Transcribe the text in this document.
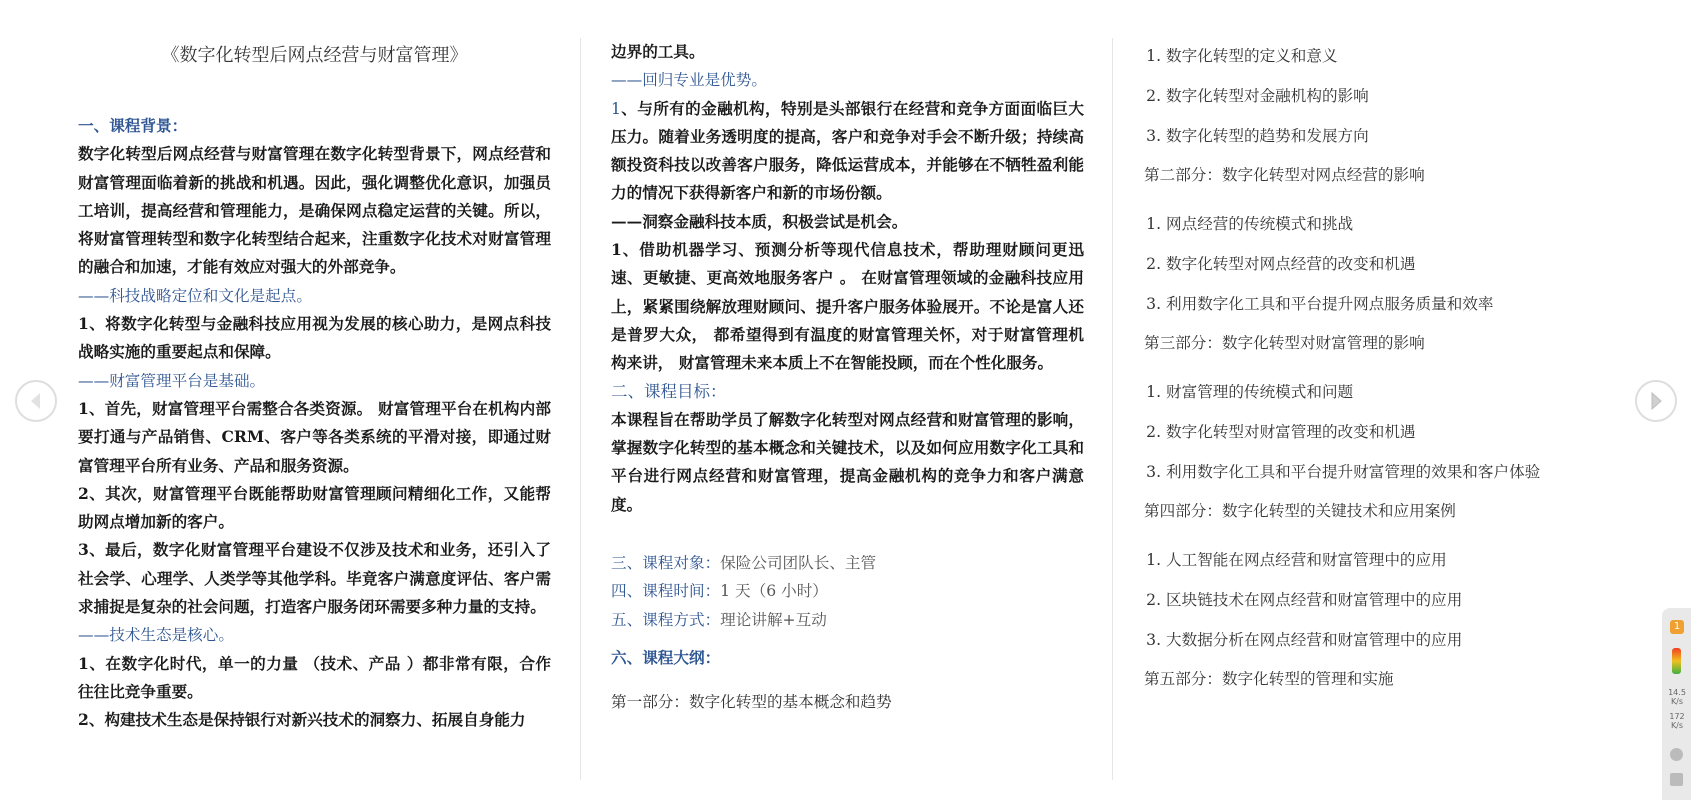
《数字化转型后网点经营与财富管理》

一、课程背景：

数字化转型后网点经营与财富管理在数字化转型背景下，网点经营和财富管理面临着新的挑战和机遇。因此，强化调整优化意识，加强员工培训，提高经营和管理能力，是确保网点稳定运营的关键。所以，将财富管理转型和数字化转型结合起来，注重数字化技术对财富管理的融合和加速，才能有效应对强大的外部竞争。

——科技战略定位和文化是起点。

1、将数字化转型与金融科技应用视为发展的核心助力，是网点科技战略实施的重要起点和保障。

——财富管理平台是基础。

1、首先，财富管理平台需整合各类资源。 财富管理平台在机构内部要打通与产品销售、CRM、客户等各类系统的平滑对接，即通过财富管理平台所有业务、产品和服务资源。

2、其次，财富管理平台既能帮助财富管理顾问精细化工作，又能帮助网点增加新的客户。

3、最后，数字化财富管理平台建设不仅涉及技术和业务，还引入了社会学、心理学、人类学等其他学科。毕竟客户满意度评估、客户需求捕捉是复杂的社会问题，打造客户服务闭环需要多种力量的支持。

——技术生态是核心。

1、在数字化时代，单一的力量 （技术、产品 ）都非常有限，合作往往比竞争重要。

2、构建技术生态是保持银行对新兴技术的洞察力、拓展自身能力

边界的工具。

——回归专业是优势。

1、与所有的金融机构，特别是头部银行在经营和竞争方面面临巨大压力。随着业务透明度的提高，客户和竞争对手会不断升级；持续高额投资科技以改善客户服务，降低运营成本，并能够在不牺牲盈利能力的情况下获得新客户和新的市场份额。

——洞察金融科技本质，积极尝试是机会。

1、借助机器学习、预测分析等现代信息技术，帮助理财顾问更迅速、更敏捷、更高效地服务客户 。 在财富管理领域的金融科技应用上，紧紧围绕解放理财顾问、提升客户服务体验展开。不论是富人还是普罗大众， 都希望得到有温度的财富管理关怀，对于财富管理机构来讲， 财富管理未来本质上不在智能投顾，而在个性化服务。

二、课程目标：

本课程旨在帮助学员了解数字化转型对网点经营和财富管理的影响，掌握数字化转型的基本概念和关键技术，以及如何应用数字化工具和平台进行网点经营和财富管理，提高金融机构的竞争力和客户满意度。

三、课程对象：保险公司团队长、主管

四、课程时间：1 天（6 小时）

五、课程方式：理论讲解+互动

六、课程大纲：

第一部分：数字化转型的基本概念和趋势

1. 数字化转型的定义和意义
2. 数字化转型对金融机构的影响
3. 数字化转型的趋势和发展方向
第二部分：数字化转型对网点经营的影响
1. 网点经营的传统模式和挑战
2. 数字化转型对网点经营的改变和机遇
3. 利用数字化工具和平台提升网点服务质量和效率
第三部分：数字化转型对财富管理的影响
1. 财富管理的传统模式和问题
2. 数字化转型对财富管理的改变和机遇
3. 利用数字化工具和平台提升财富管理的效果和客户体验
第四部分：数字化转型的关键技术和应用案例
1. 人工智能在网点经营和财富管理中的应用
2. 区块链技术在网点经营和财富管理中的应用
3. 大数据分析在网点经营和财富管理中的应用
第五部分：数字化转型的管理和实施
1
14.5
K/s
172
K/s
